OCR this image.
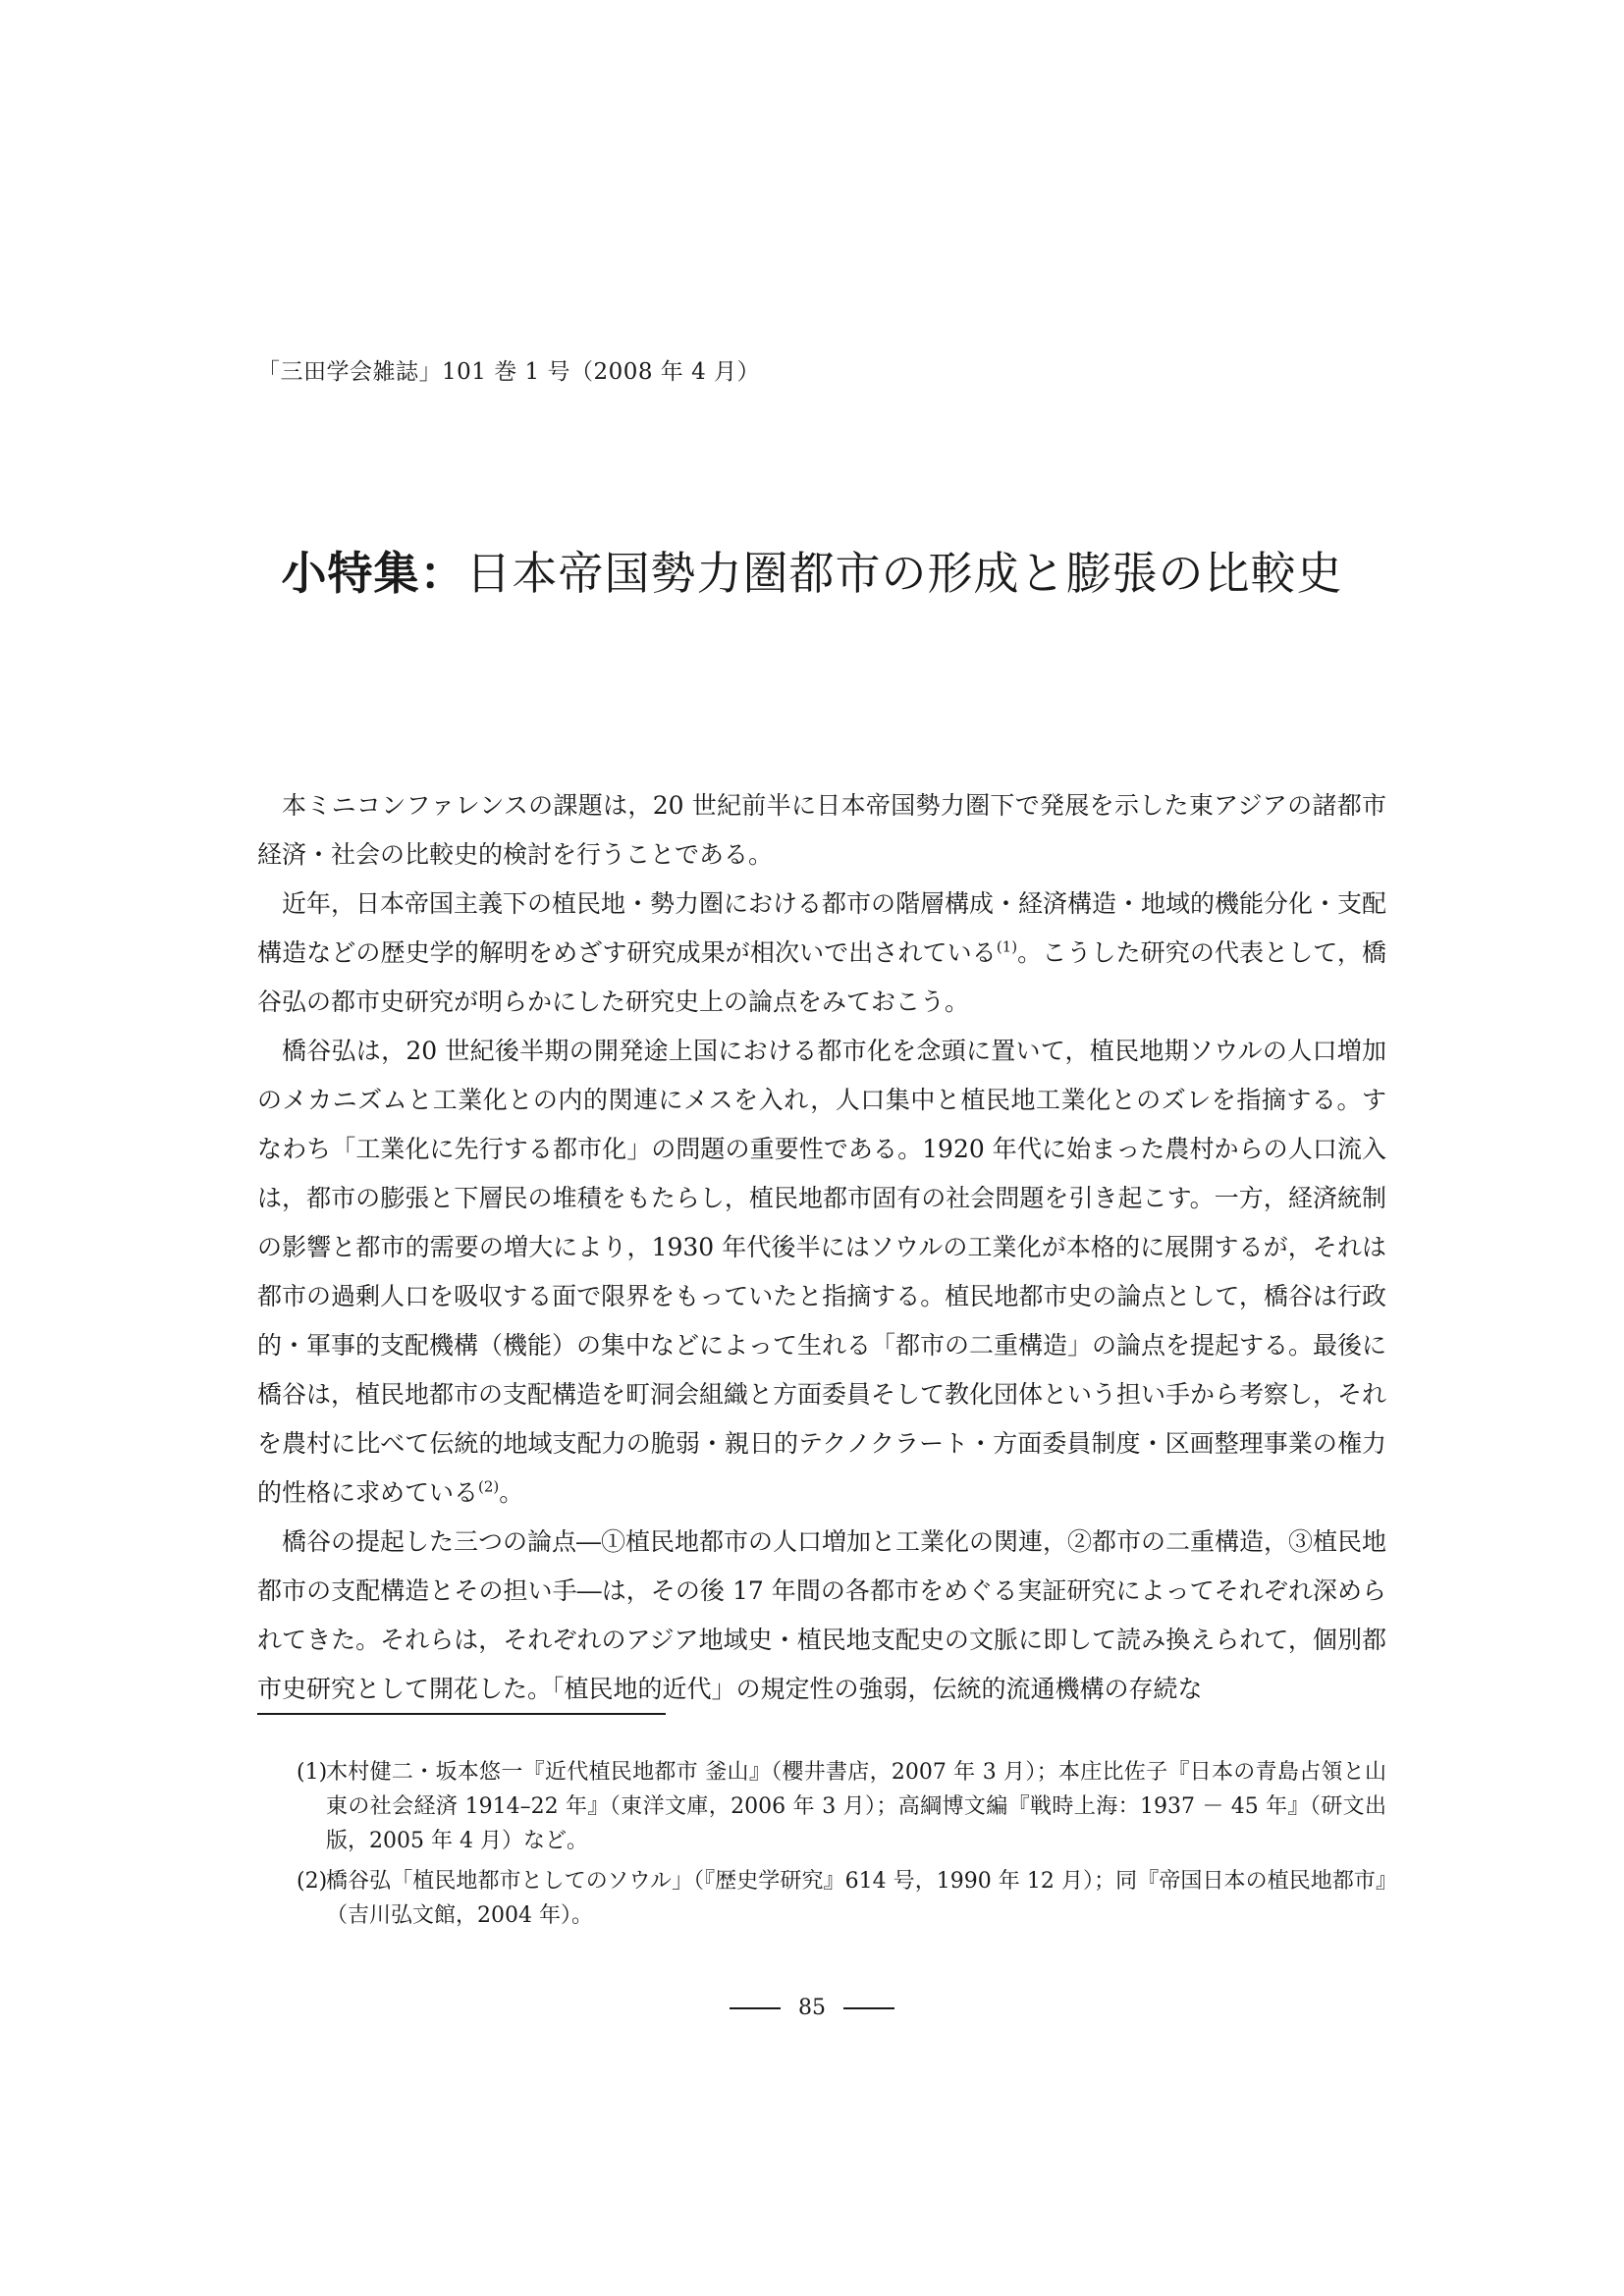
「三田学会雑誌」101 巻 1 号（2008 年 4 月）
小特集：日本帝国勢力圏都市の形成と膨張の比較史

本ミニコンファレンスの課題は，20 世紀前半に日本帝国勢力圏下で発展を示した東アジアの諸都市経済・社会の比較史的検討を行うことである。

近年，日本帝国主義下の植民地・勢力圏における都市の階層構成・経済構造・地域的機能分化・支配構造などの歴史学的解明をめざす研究成果が相次いで出されている$^{(1)}$。こうした研究の代表として，橋谷弘の都市史研究が明らかにした研究史上の論点をみておこう。

橋谷弘は，20 世紀後半期の開発途上国における都市化を念頭に置いて，植民地期ソウルの人口増加のメカニズムと工業化との内的関連にメスを入れ，人口集中と植民地工業化とのズレを指摘する。すなわち「工業化に先行する都市化」の問題の重要性である。1920 年代に始まった農村からの人口流入は，都市の膨張と下層民の堆積をもたらし，植民地都市固有の社会問題を引き起こす。一方，経済統制の影響と都市的需要の増大により，1930 年代後半にはソウルの工業化が本格的に展開するが，それは都市の過剰人口を吸収する面で限界をもっていたと指摘する。植民地都市史の論点として，橋谷は行政的・軍事的支配機構（機能）の集中などによって生れる「都市の二重構造」の論点を提起する。最後に橋谷は，植民地都市の支配構造を町洞会組織と方面委員そして教化団体という担い手から考察し，それを農村に比べて伝統的地域支配力の脆弱・親日的テクノクラート・方面委員制度・区画整理事業の権力的性格に求めている$^{(2)}$。

橋谷の提起した三つの論点―①植民地都市の人口増加と工業化の関連，②都市の二重構造，③植民地都市の支配構造とその担い手―は，その後 17 年間の各都市をめぐる実証研究によってそれぞれ深められてきた。それらは，それぞれのアジア地域史・植民地支配史の文脈に即して読み換えられて，個別都市史研究として開花した。「植民地的近代」の規定性の強弱，伝統的流通機構の存続な

(1)
木村健二・坂本悠一『近代植民地都市 釜山』（櫻井書店，2007 年 3 月）；本庄比佐子『日本の青島占領と山東の社会経済 1914–22 年』（東洋文庫，2006 年 3 月）；高綱博文編『戦時上海：1937 － 45 年』（研文出版，2005 年 4 月）など。
(2)
橋谷弘「植民地都市としてのソウル」（『歴史学研究』614 号，1990 年 12 月）；同『帝国日本の植民地都市』（吉川弘文館，2004 年）。
85
